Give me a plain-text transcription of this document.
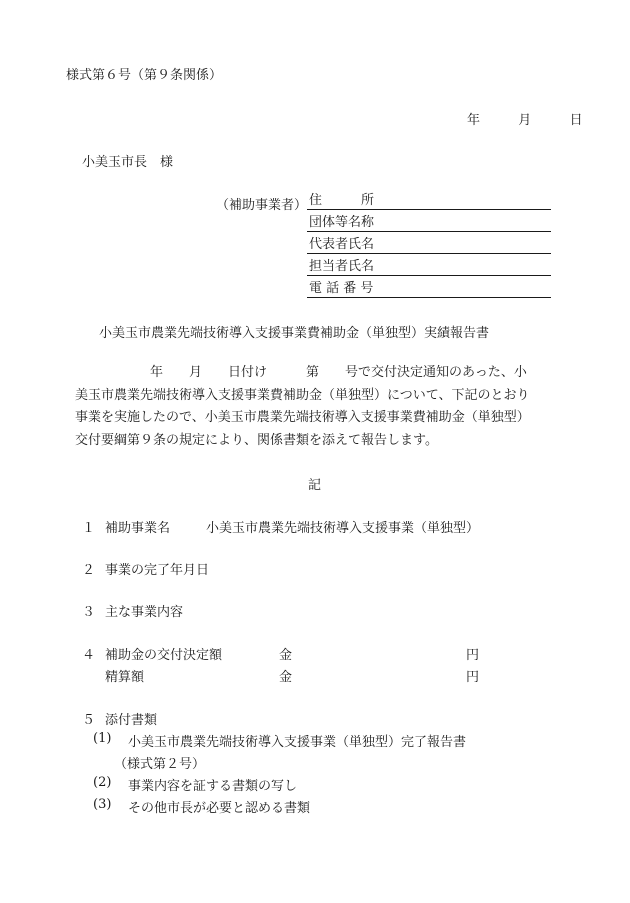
様式第６号（第９条関係）
年	月	日
小美玉市長　様
（補助事業者） 住　　　所
団体等名称
代表者氏名
担当者氏名
電 話 番 号
小美玉市農業先端技術導入支援事業費補助金（単独型）実績報告書
年　　月　　日付け　　　第　　号で交付決定通知のあった、小
美玉市農業先端技術導入支援事業費補助金（単独型）について、下記のとおり
事業を実施したので、小美玉市農業先端技術導入支援事業費補助金（単独型）
交付要綱第９条の規定により、関係書類を添えて報告します。
記
１ 補助事業名	小美玉市農業先端技術導入支援事業（単独型）
２ 事業の完了年月日
３ 主な事業内容
４ 補助金の交付決定額	金	円
精算額	金	円
５ 添付書類
(1) 小美玉市農業先端技術導入支援事業（単独型）完了報告書
（様式第２号）
(2) 事業内容を証する書類の写し
(3) その他市長が必要と認める書類
